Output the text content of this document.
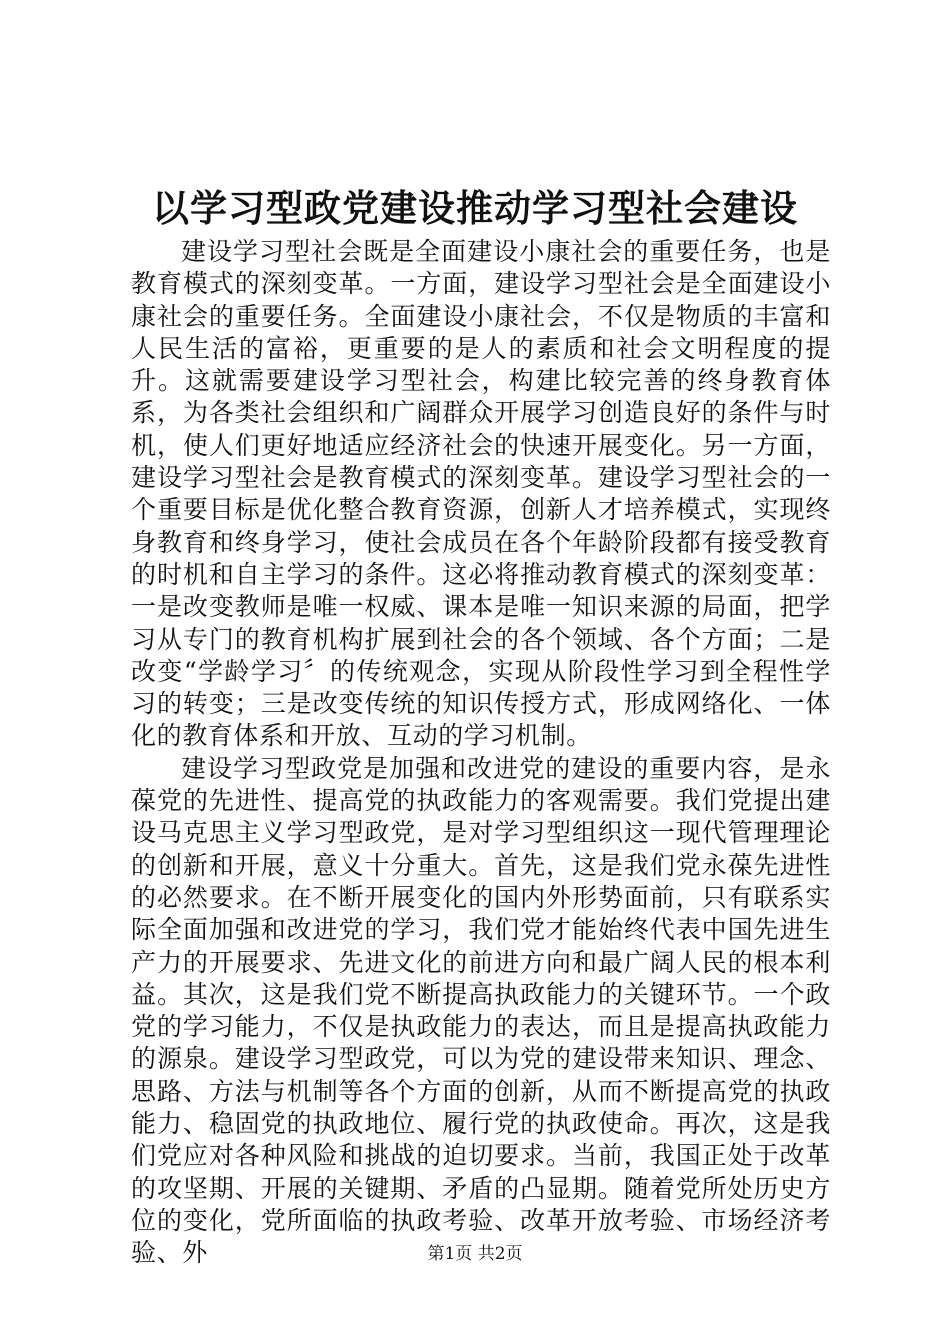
以学习型政党建设推动学习型社会建设

建设学习型社会既是全面建设小康社会的重要任务，也是教育模式的深刻变革。一方面，建设学习型社会是全面建设小康社会的重要任务。全面建设小康社会，不仅是物质的丰富和人民生活的富裕，更重要的是人的素质和社会文明程度的提升。这就需要建设学习型社会，构建比较完善的终身教育体系，为各类社会组织和广阔群众开展学习创造良好的条件与时机，使人们更好地适应经济社会的快速开展变化。另一方面，建设学习型社会是教育模式的深刻变革。建设学习型社会的一个重要目标是优化整合教育资源，创新人才培养模式，实现终身教育和终身学习，使社会成员在各个年龄阶段都有接受教育的时机和自主学习的条件。这必将推动教育模式的深刻变革：一是改变教师是唯一权威、课本是唯一知识来源的局面，把学习从专门的教育机构扩展到社会的各个领域、各个方面；二是改变“学龄学习〞的传统观念，实现从阶段性学习到全程性学习的转变；三是改变传统的知识传授方式，形成网络化、一体化的教育体系和开放、互动的学习机制。

建设学习型政党是加强和改进党的建设的重要内容，是永葆党的先进性、提高党的执政能力的客观需要。我们党提出建设马克思主义学习型政党，是对学习型组织这一现代管理理论的创新和开展，意义十分重大。首先，这是我们党永葆先进性的必然要求。在不断开展变化的国内外形势面前，只有联系实际全面加强和改进党的学习，我们党才能始终代表中国先进生产力的开展要求、先进文化的前进方向和最广阔人民的根本利益。其次，这是我们党不断提高执政能力的关键环节。一个政党的学习能力，不仅是执政能力的表达，而且是提高执政能力的源泉。建设学习型政党，可以为党的建设带来知识、理念、思路、方法与机制等各个方面的创新，从而不断提高党的执政能力、稳固党的执政地位、履行党的执政使命。再次，这是我们党应对各种风险和挑战的迫切要求。当前，我国正处于改革的攻坚期、开展的关键期、矛盾的凸显期。随着党所处历史方位的变化，党所面临的执政考验、改革开放考验、市场经济考验、外	第1页 共2页
